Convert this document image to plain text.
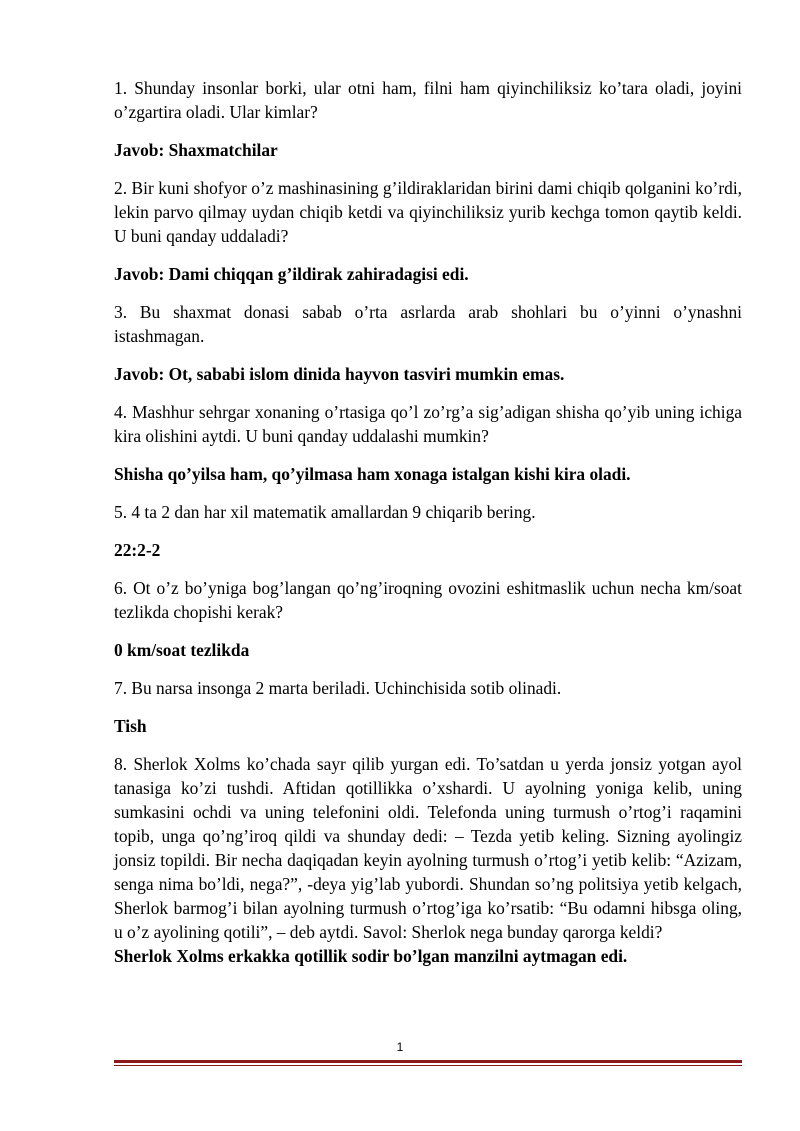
1. Shunday insonlar borki, ular otni ham, filni ham qiyinchiliksiz ko’tara oladi, joyini o’zgartira oladi. Ular kimlar?

Javob: Shaxmatchilar

2. Bir kuni shofyor o’z mashinasining g’ildiraklaridan birini dami chiqib qolganini ko’rdi, lekin parvo qilmay uydan chiqib ketdi va qiyinchiliksiz yurib kechga tomon qaytib keldi. U buni qanday uddaladi?

Javob: Dami chiqqan g’ildirak zahiradagisi edi.

3. Bu shaxmat donasi sabab o’rta asrlarda arab shohlari bu o’yinni o’ynashni istashmagan.

Javob: Ot, sababi islom dinida hayvon tasviri mumkin emas.

4. Mashhur sehrgar xonaning o’rtasiga qo’l zo’rg’a sig’adigan shisha qo’yib uning ichiga kira olishini aytdi. U buni qanday uddalashi mumkin?

Shisha qo’yilsa ham, qo’yilmasa ham xonaga istalgan kishi kira oladi.

5. 4 ta 2 dan har xil matematik amallardan 9 chiqarib bering.

22:2-2

6. Ot o’z bo’yniga bog’langan qo’ng’iroqning ovozini eshitmaslik uchun necha km/soat tezlikda chopishi kerak?

0 km/soat tezlikda

7. Bu narsa insonga 2 marta beriladi. Uchinchisida sotib olinadi.

Tish

8. Sherlok Xolms ko’chada sayr qilib yurgan edi. To’satdan u yerda jonsiz yotgan ayol tanasiga ko’zi tushdi. Aftidan qotillikka o’xshardi. U ayolning yoniga kelib, uning sumkasini ochdi va uning telefonini oldi. Telefonda uning turmush o’rtog’i raqamini topib, unga qo’ng’iroq qildi va shunday dedi: – Tezda yetib keling. Sizning ayolingiz jonsiz topildi. Bir necha daqiqadan keyin ayolning turmush o’rtog’i yetib kelib: “Azizam, senga nima bo’ldi, nega?”, -deya yig’lab yubordi. Shundan so’ng politsiya yetib kelgach, Sherlok barmog’i bilan ayolning turmush o’rtog’iga ko’rsatib: “Bu odamni hibsga oling, u o’z ayolining qotili”, – deb aytdi. Savol: Sherlok nega bunday qarorga keldi?

Sherlok Xolms erkakka qotillik sodir bo’lgan manzilni aytmagan edi.

1
